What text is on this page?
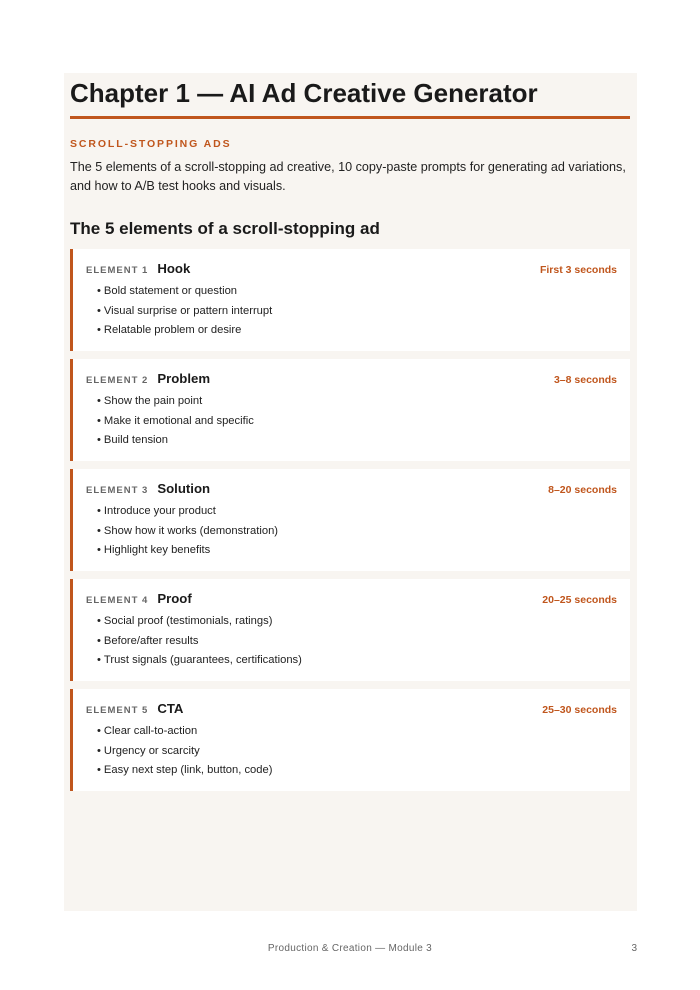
Chapter 1 — AI Ad Creative Generator
SCROLL-STOPPING ADS

The 5 elements of a scroll-stopping ad creative, 10 copy-paste prompts for generating ad variations, and how to A/B test hooks and visuals.

The 5 elements of a scroll-stopping ad
ELEMENT 1 Hook	First 3 seconds
• Bold statement or question
• Visual surprise or pattern interrupt
• Relatable problem or desire
ELEMENT 2 Problem	3–8 seconds
• Show the pain point
• Make it emotional and specific
• Build tension
ELEMENT 3 Solution	8–20 seconds
• Introduce your product
• Show how it works (demonstration)
• Highlight key benefits
ELEMENT 4 Proof	20–25 seconds
• Social proof (testimonials, ratings)
• Before/after results
• Trust signals (guarantees, certifications)
ELEMENT 5 CTA	25–30 seconds
• Clear call-to-action
• Urgency or scarcity
• Easy next step (link, button, code)
Production & Creation — Module 3	3
